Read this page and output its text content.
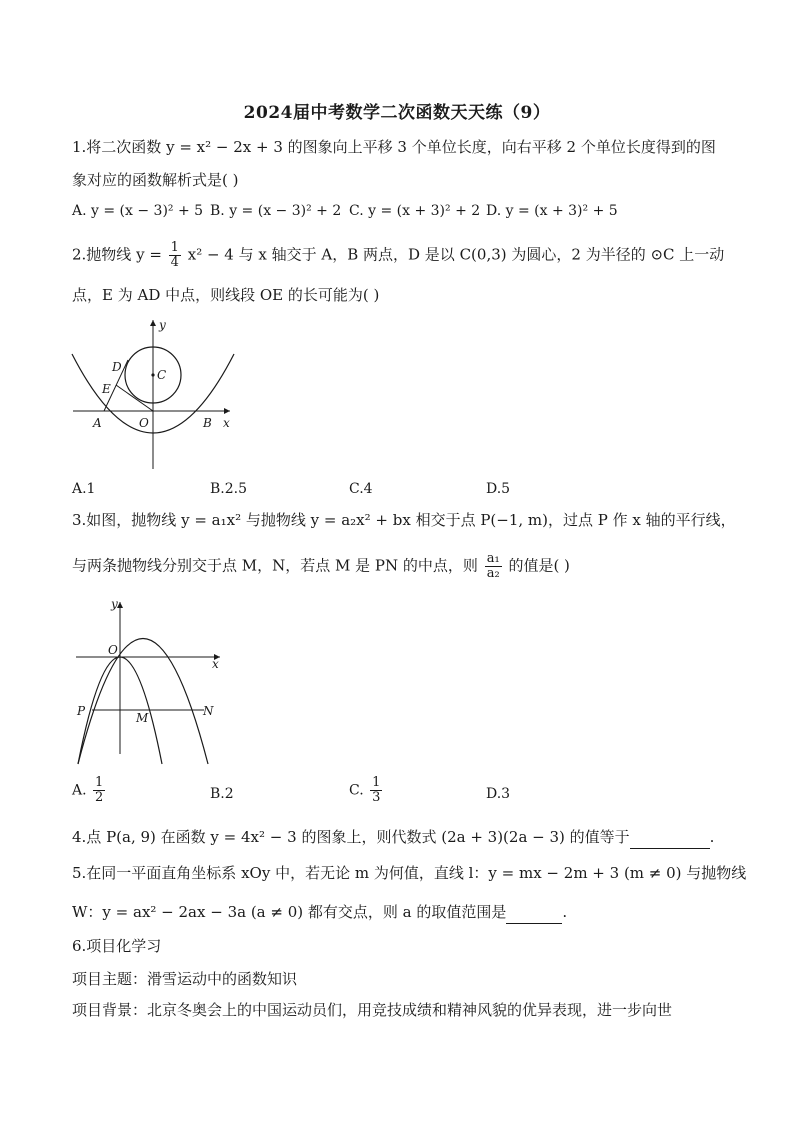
2024届中考数学二次函数天天练（9）
1.将二次函数 y = x² − 2x + 3 的图象向上平移 3 个单位长度，向右平移 2 个单位长度得到的图
象对应的函数解析式是( )
A. y = (x − 3)² + 5 B. y = (x − 3)² + 2 C. y = (x + 3)² + 2 D. y = (x + 3)² + 5
2.抛物线 $y = \frac{1}{4} x^2 - 4$ 与 x 轴交于 A，B 两点，D 是以 C(0,3) 为圆心，2 为半径的 ⊙C 上一动
点，E 为 AD 中点，则线段 OE 的长可能为( )
y
x
D
C
E
A	O	B
A.1	B.2.5	C.4	D.5
3.如图，抛物线 y = a₁x² 与抛物线 y = a₂x² + bx 相交于点 P(−1, m)，过点 P 作 x 轴的平行线，
与两条抛物线分别交于点 M，N，若点 M 是 PN 的中点，则 $\frac{\text{a₁}}{\text{a₂}}$ 的值是( )
y
x
O
P	M	N
A. $\frac{1}{2}$	B.2	C. $\frac{1}{3}$	D.3
4.点 P(a, 9) 在函数 y = 4x² − 3 的图象上，则代数式 (2a + 3)(2a − 3) 的值等于	.
5.在同一平面直角坐标系 xOy 中，若无论 m 为何值，直线 l：y = mx − 2m + 3 (m ≠ 0) 与抛物线
W：y = ax² − 2ax − 3a (a ≠ 0) 都有交点，则 a 的取值范围是	.
6.项目化学习
项目主题：滑雪运动中的函数知识
项目背景：北京冬奥会上的中国运动员们，用竞技成绩和精神风貌的优异表现，进一步向世
